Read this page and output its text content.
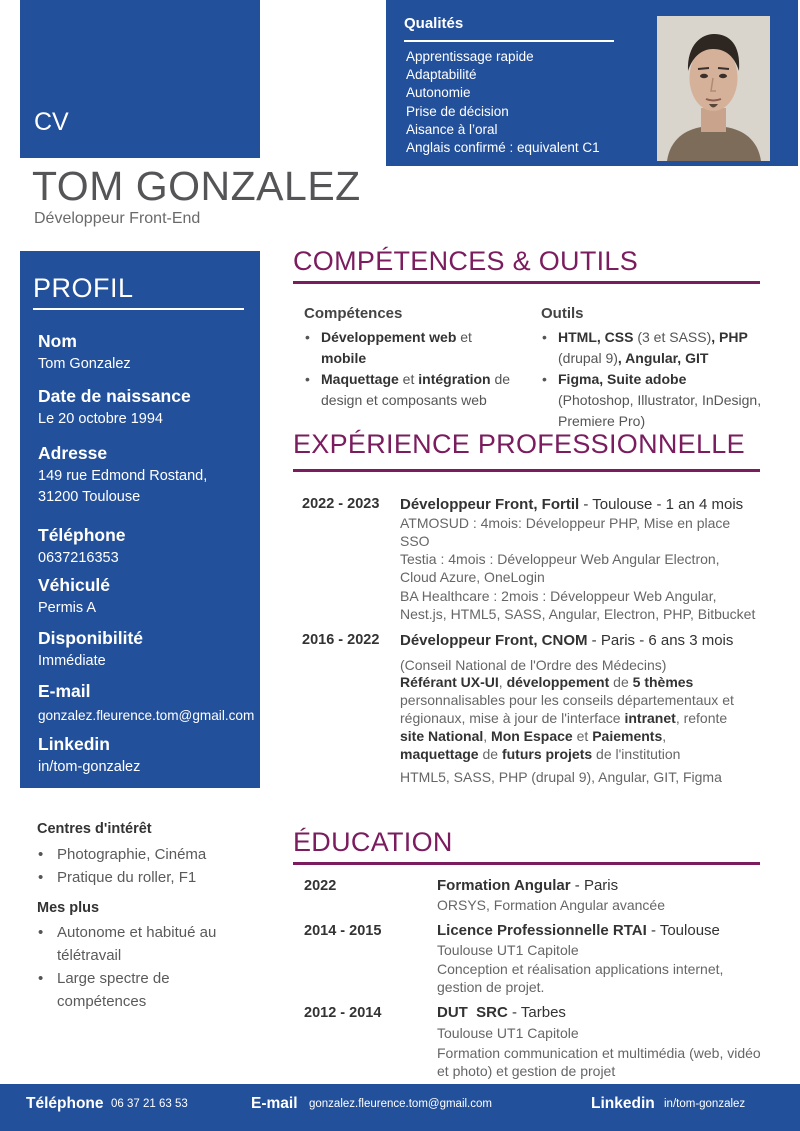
CV
Qualités
Apprentissage rapide
Adaptabilité
Autonomie
Prise de décision
Aisance à l’oral
Anglais confirmé : equivalent C1
TOM GONZALEZ
Développeur Front-End
PROFIL
Nom
Tom Gonzalez
Date de naissance
Le 20 octobre 1994
Adresse
149 rue Edmond Rostand,
31200 Toulouse
Téléphone
0637216353
Véhiculé
Permis A
Disponibilité
Immédiate
E-mail
gonzalez.fleurence.tom@gmail.com
Linkedin
in/tom-gonzalez
Centres d'intérêt
• Photographie, Cinéma
• Pratique du roller, F1
Mes plus
• Autonome et habitué au
télétravail
• Large spectre de
compétences
COMPÉTENCES & OUTILS
Compétences
• Développement web et
mobile
• Maquettage et intégration de
design et composants web
Outils
• HTML, CSS (3 et SASS), PHP
(drupal 9), Angular, GIT
• Figma, Suite adobe
(Photoshop, Illustrator, InDesign,
Premiere Pro)
EXPÉRIENCE PROFESSIONNELLE
2022 - 2023 Développeur Front, Fortil - Toulouse - 1 an 4 mois
ATMOSUD : 4mois: Développeur PHP, Mise en place
SSO
Testia : 4mois : Développeur Web Angular Electron,
Cloud Azure, OneLogin
BA Healthcare : 2mois : Développeur Web Angular,
Nest.js, HTML5, SASS, Angular, Electron, PHP, Bitbucket
2016 - 2022 Développeur Front, CNOM - Paris - 6 ans 3 mois
(Conseil National de l'Ordre des Médecins)
Référant UX-UI, développement de 5 thèmes
personnalisables pour les conseils départementaux et
régionaux, mise à jour de l'interface intranet, refonte
site National, Mon Espace et Paiements,
maquettage de futurs projets de l'institution
HTML5, SASS, PHP (drupal 9), Angular, GIT, Figma
ÉDUCATION
2022	Formation Angular - Paris
ORSYS, Formation Angular avancée
2014 - 2015	Licence Professionnelle RTAI - Toulouse
Toulouse UT1 Capitole
Conception et réalisation applications internet,
gestion de projet.
2012 - 2014	DUT  SRC - Tarbes
Toulouse UT1 Capitole
Formation communication et multimédia (web, vidéo
et photo) et gestion de projet
Téléphone 06 37 21 63 53	E-mail gonzalez.fleurence.tom@gmail.com	Linkedin in/tom-gonzalez
